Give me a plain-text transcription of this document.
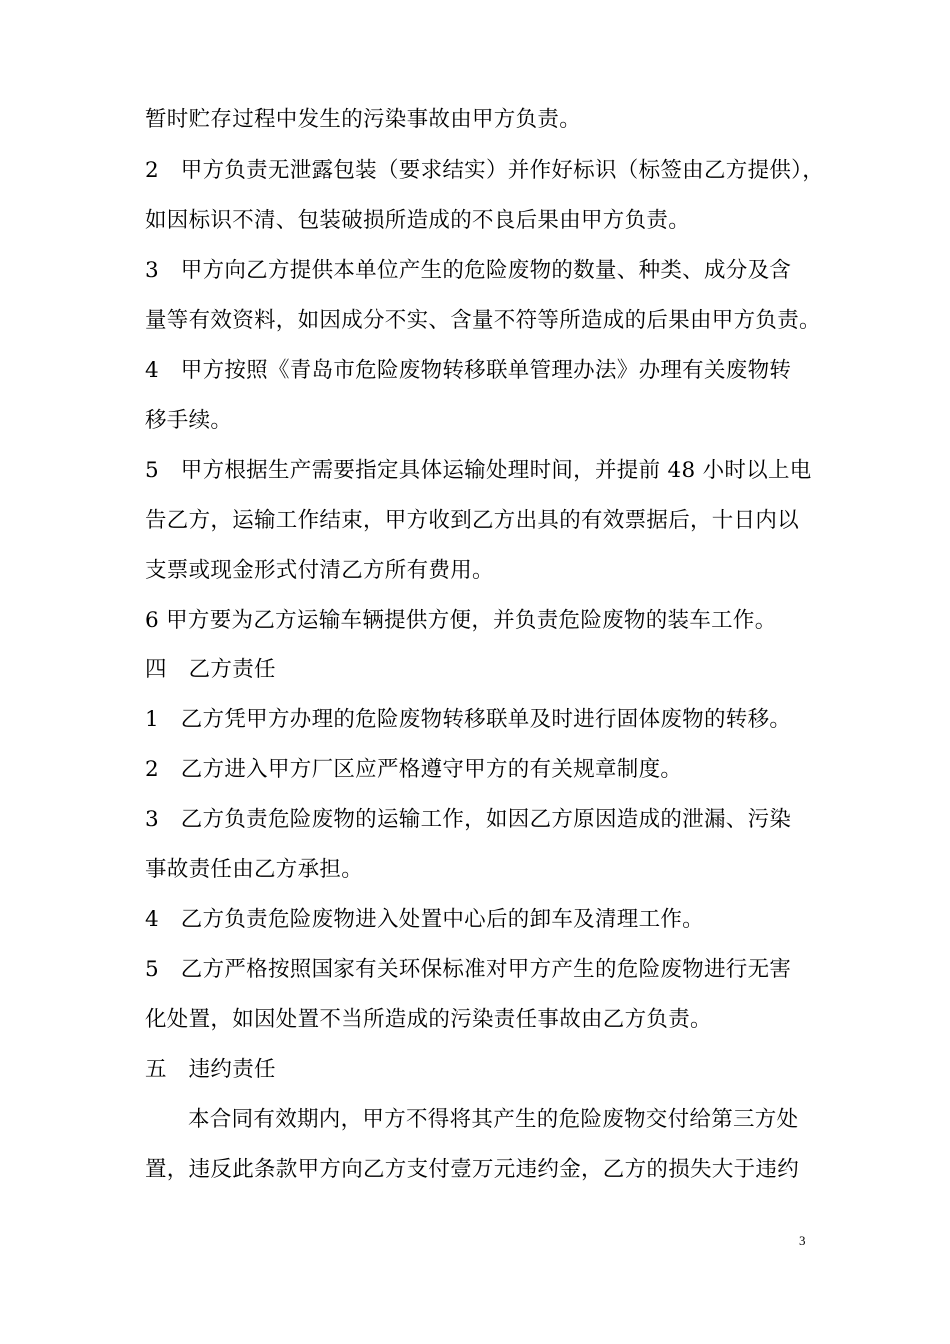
暂时贮存过程中发生的污染事故由甲方负责。
2　甲方负责无泄露包装（要求结实）并作好标识（标签由乙方提供），
如因标识不清、包装破损所造成的不良后果由甲方负责。
3　甲方向乙方提供本单位产生的危险废物的数量、种类、成分及含
量等有效资料，如因成分不实、含量不符等所造成的后果由甲方负责。
4　甲方按照《青岛市危险废物转移联单管理办法》办理有关废物转
移手续。
5　甲方根据生产需要指定具体运输处理时间，并提前 48 小时以上电
告乙方，运输工作结束，甲方收到乙方出具的有效票据后，十日内以
支票或现金形式付清乙方所有费用。
6 甲方要为乙方运输车辆提供方便，并负责危险废物的装车工作。
四　乙方责任
1　乙方凭甲方办理的危险废物转移联单及时进行固体废物的转移。
2　乙方进入甲方厂区应严格遵守甲方的有关规章制度。
3　乙方负责危险废物的运输工作，如因乙方原因造成的泄漏、污染
事故责任由乙方承担。
4　乙方负责危险废物进入处置中心后的卸车及清理工作。
5　乙方严格按照国家有关环保标准对甲方产生的危险废物进行无害
化处置，如因处置不当所造成的污染责任事故由乙方负责。
五　违约责任
本合同有效期内，甲方不得将其产生的危险废物交付给第三方处
置，违反此条款甲方向乙方支付壹万元违约金，乙方的损失大于违约
3
